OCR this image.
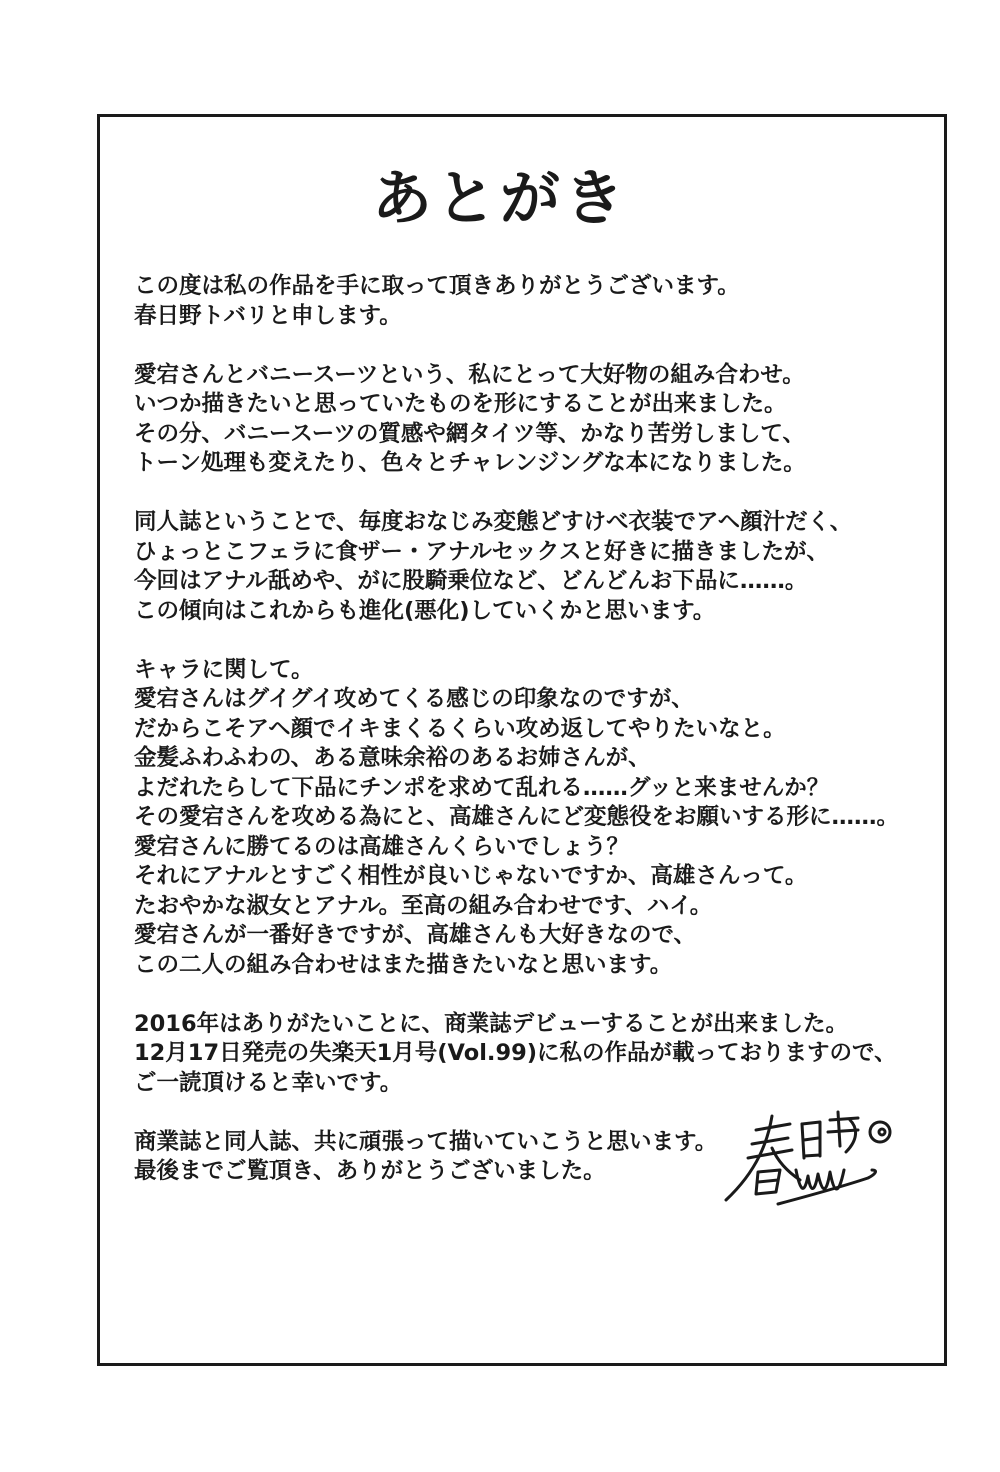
あとがき
この度は私の作品を手に取って頂きありがとうございます。
春日野トバリと申します。
愛宕さんとバニースーツという、私にとって大好物の組み合わせ。
いつか描きたいと思っていたものを形にすることが出来ました。
その分、バニースーツの質感や網タイツ等、かなり苦労しまして、
トーン処理も変えたり、色々とチャレンジングな本になりました。
同人誌ということで、毎度おなじみ変態どすけべ衣装でアヘ顔汁だく、
ひょっとこフェラに食ザー・アナルセックスと好きに描きましたが、
今回はアナル舐めや、がに股騎乗位など、どんどんお下品に……。
この傾向はこれからも進化(悪化)していくかと思います。
キャラに関して。
愛宕さんはグイグイ攻めてくる感じの印象なのですが、
だからこそアヘ顔でイキまくるくらい攻め返してやりたいなと。
金髪ふわふわの、ある意味余裕のあるお姉さんが、
よだれたらして下品にチンポを求めて乱れる……グッと来ませんか？
その愛宕さんを攻める為にと、高雄さんにど変態役をお願いする形に……。
愛宕さんに勝てるのは高雄さんくらいでしょう？
それにアナルとすごく相性が良いじゃないですか、高雄さんって。
たおやかな淑女とアナル。至高の組み合わせです、ハイ。
愛宕さんが一番好きですが、高雄さんも大好きなので、
この二人の組み合わせはまた描きたいなと思います。
2016年はありがたいことに、商業誌デビューすることが出来ました。
12月17日発売の失楽天1月号(Vol.99)に私の作品が載っておりますので、
ご一読頂けると幸いです。
商業誌と同人誌、共に頑張って描いていこうと思います。
最後までご覧頂き、ありがとうございました。
